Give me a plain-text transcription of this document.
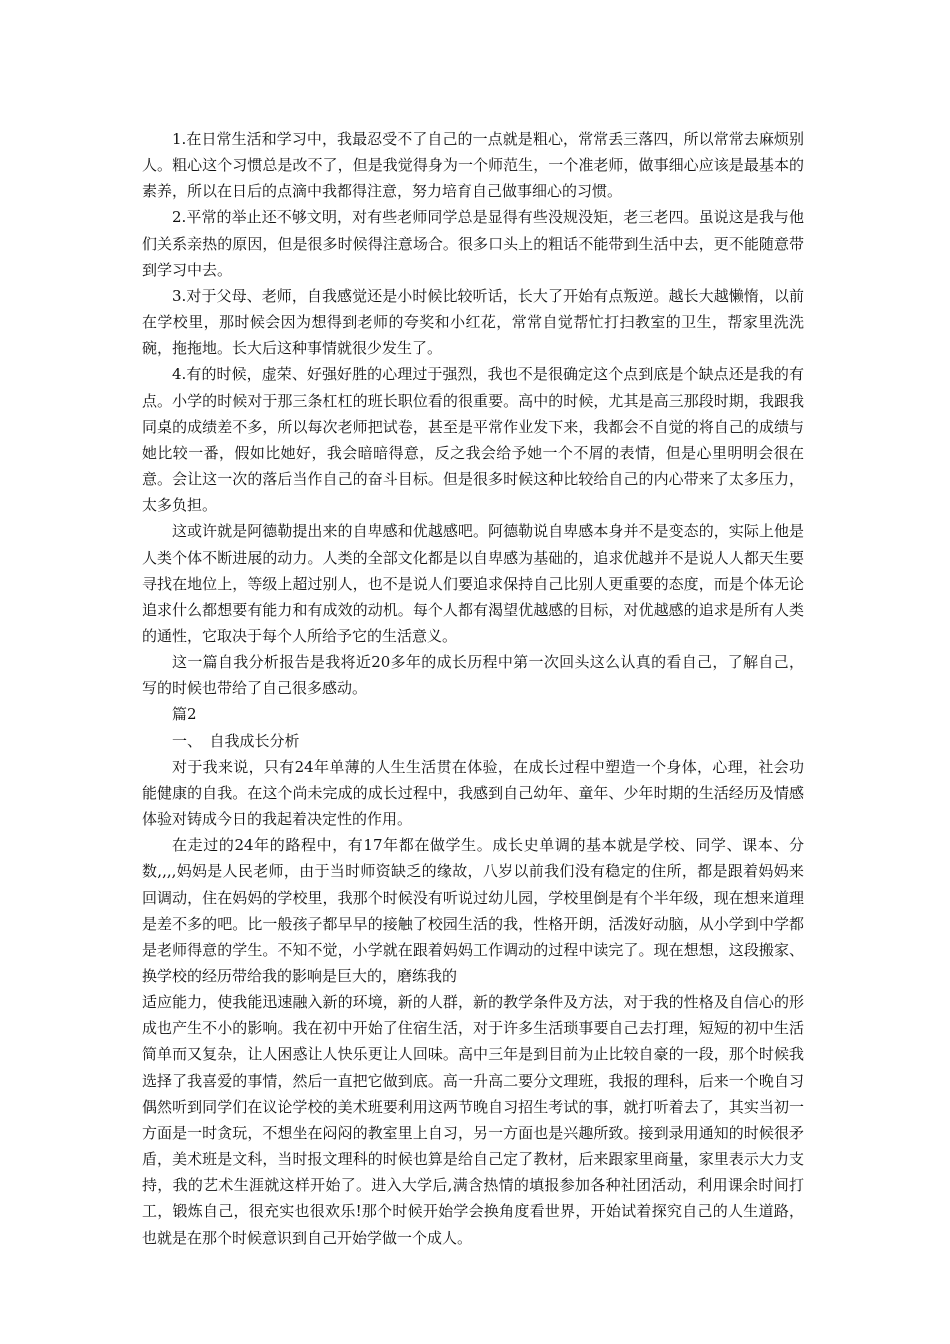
1.在日常生活和学习中，我最忍受不了自己的一点就是粗心，常常丢三落四，所以常常去麻烦别人。粗心这个习惯总是改不了，但是我觉得身为一个师范生，一个准老师，做事细心应该是最基本的素养，所以在日后的点滴中我都得注意，努力培育自己做事细心的习惯。

2.平常的举止还不够文明，对有些老师同学总是显得有些没规没矩，老三老四。虽说这是我与他们关系亲热的原因，但是很多时候得注意场合。很多口头上的粗话不能带到生活中去，更不能随意带到学习中去。

3.对于父母、老师，自我感觉还是小时候比较听话，长大了开始有点叛逆。越长大越懒惰，以前在学校里，那时候会因为想得到老师的夸奖和小红花，常常自觉帮忙打扫教室的卫生，帮家里洗洗碗，拖拖地。长大后这种事情就很少发生了。

4.有的时候，虚荣、好强好胜的心理过于强烈，我也不是很确定这个点到底是个缺点还是我的有点。小学的时候对于那三条杠杠的班长职位看的很重要。高中的时候，尤其是高三那段时期，我跟我同桌的成绩差不多，所以每次老师把试卷，甚至是平常作业发下来，我都会不自觉的将自己的成绩与她比较一番，假如比她好，我会暗暗得意，反之我会给予她一个不屑的表情，但是心里明明会很在意。会让这一次的落后当作自己的奋斗目标。但是很多时候这种比较给自己的内心带来了太多压力，太多负担。

这或许就是阿德勒提出来的自卑感和优越感吧。阿德勒说自卑感本身并不是变态的，实际上他是人类个体不断进展的动力。人类的全部文化都是以自卑感为基础的，追求优越并不是说人人都天生要寻找在地位上，等级上超过别人，也不是说人们要追求保持自己比别人更重要的态度，而是个体无论追求什么都想要有能力和有成效的动机。每个人都有渴望优越感的目标，对优越感的追求是所有人类的通性，它取决于每个人所给予它的生活意义。

这一篇自我分析报告是我将近20多年的成长历程中第一次回头这么认真的看自己，了解自己，写的时候也带给了自己很多感动。

篇2

一、　自我成长分析

对于我来说，只有24年单薄的人生生活贯在体验，在成长过程中塑造一个身体，心理，社会功能健康的自我。在这个尚未完成的成长过程中，我感到自己幼年、童年、少年时期的生活经历及情感体验对铸成今日的我起着决定性的作用。

在走过的24年的路程中，有17年都在做学生。成长史单调的基本就是学校、同学、课本、分数,,,,妈妈是人民老师，由于当时师资缺乏的缘故，八岁以前我们没有稳定的住所，都是跟着妈妈来回调动，住在妈妈的学校里，我那个时候没有听说过幼儿园，学校里倒是有个半年级，现在想来道理是差不多的吧。比一般孩子都早早的接触了校园生活的我，性格开朗，活泼好动脑，从小学到中学都是老师得意的学生。不知不觉，小学就在跟着妈妈工作调动的过程中读完了。现在想想，这段搬家、换学校的经历带给我的影响是巨大的，磨练我的

适应能力，使我能迅速融入新的环境，新的人群，新的教学条件及方法，对于我的性格及自信心的形成也产生不小的影响。我在初中开始了住宿生活，对于许多生活琐事要自己去打理，短短的初中生活简单而又复杂，让人困惑让人快乐更让人回味。高中三年是到目前为止比较自豪的一段，那个时候我选择了我喜爱的事情，然后一直把它做到底。高一升高二要分文理班，我报的理科，后来一个晚自习偶然听到同学们在议论学校的美术班要利用这两节晚自习招生考试的事，就打听着去了，其实当初一方面是一时贪玩，不想坐在闷闷的教室里上自习，另一方面也是兴趣所致。接到录用通知的时候很矛盾，美术班是文科，当时报文理科的时候也算是给自己定了教材，后来跟家里商量，家里表示大力支持，我的艺术生涯就这样开始了。进入大学后,满含热情的填报参加各种社团活动，利用课余时间打工，锻炼自己，很充实也很欢乐!那个时候开始学会换角度看世界，开始试着探究自己的人生道路，也就是在那个时候意识到自己开始学做一个成人。
